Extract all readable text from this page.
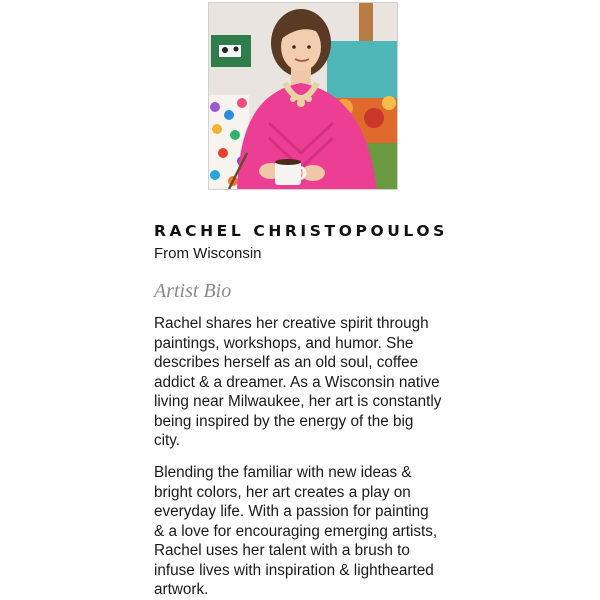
RACHEL CHRISTOPOULOS
From Wisconsin
Artist Bio
Rachel shares her creative spirit through
paintings, workshops, and humor. She
describes herself as an old soul, coffee
addict & a dreamer. As a Wisconsin native
living near Milwaukee, her art is constantly
being inspired by the energy of the big
city.
Blending the familiar with new ideas &
bright colors, her art creates a play on
everyday life. With a passion for painting
& a love for encouraging emerging artists,
Rachel uses her talent with a brush to
infuse lives with inspiration & lighthearted
artwork.
